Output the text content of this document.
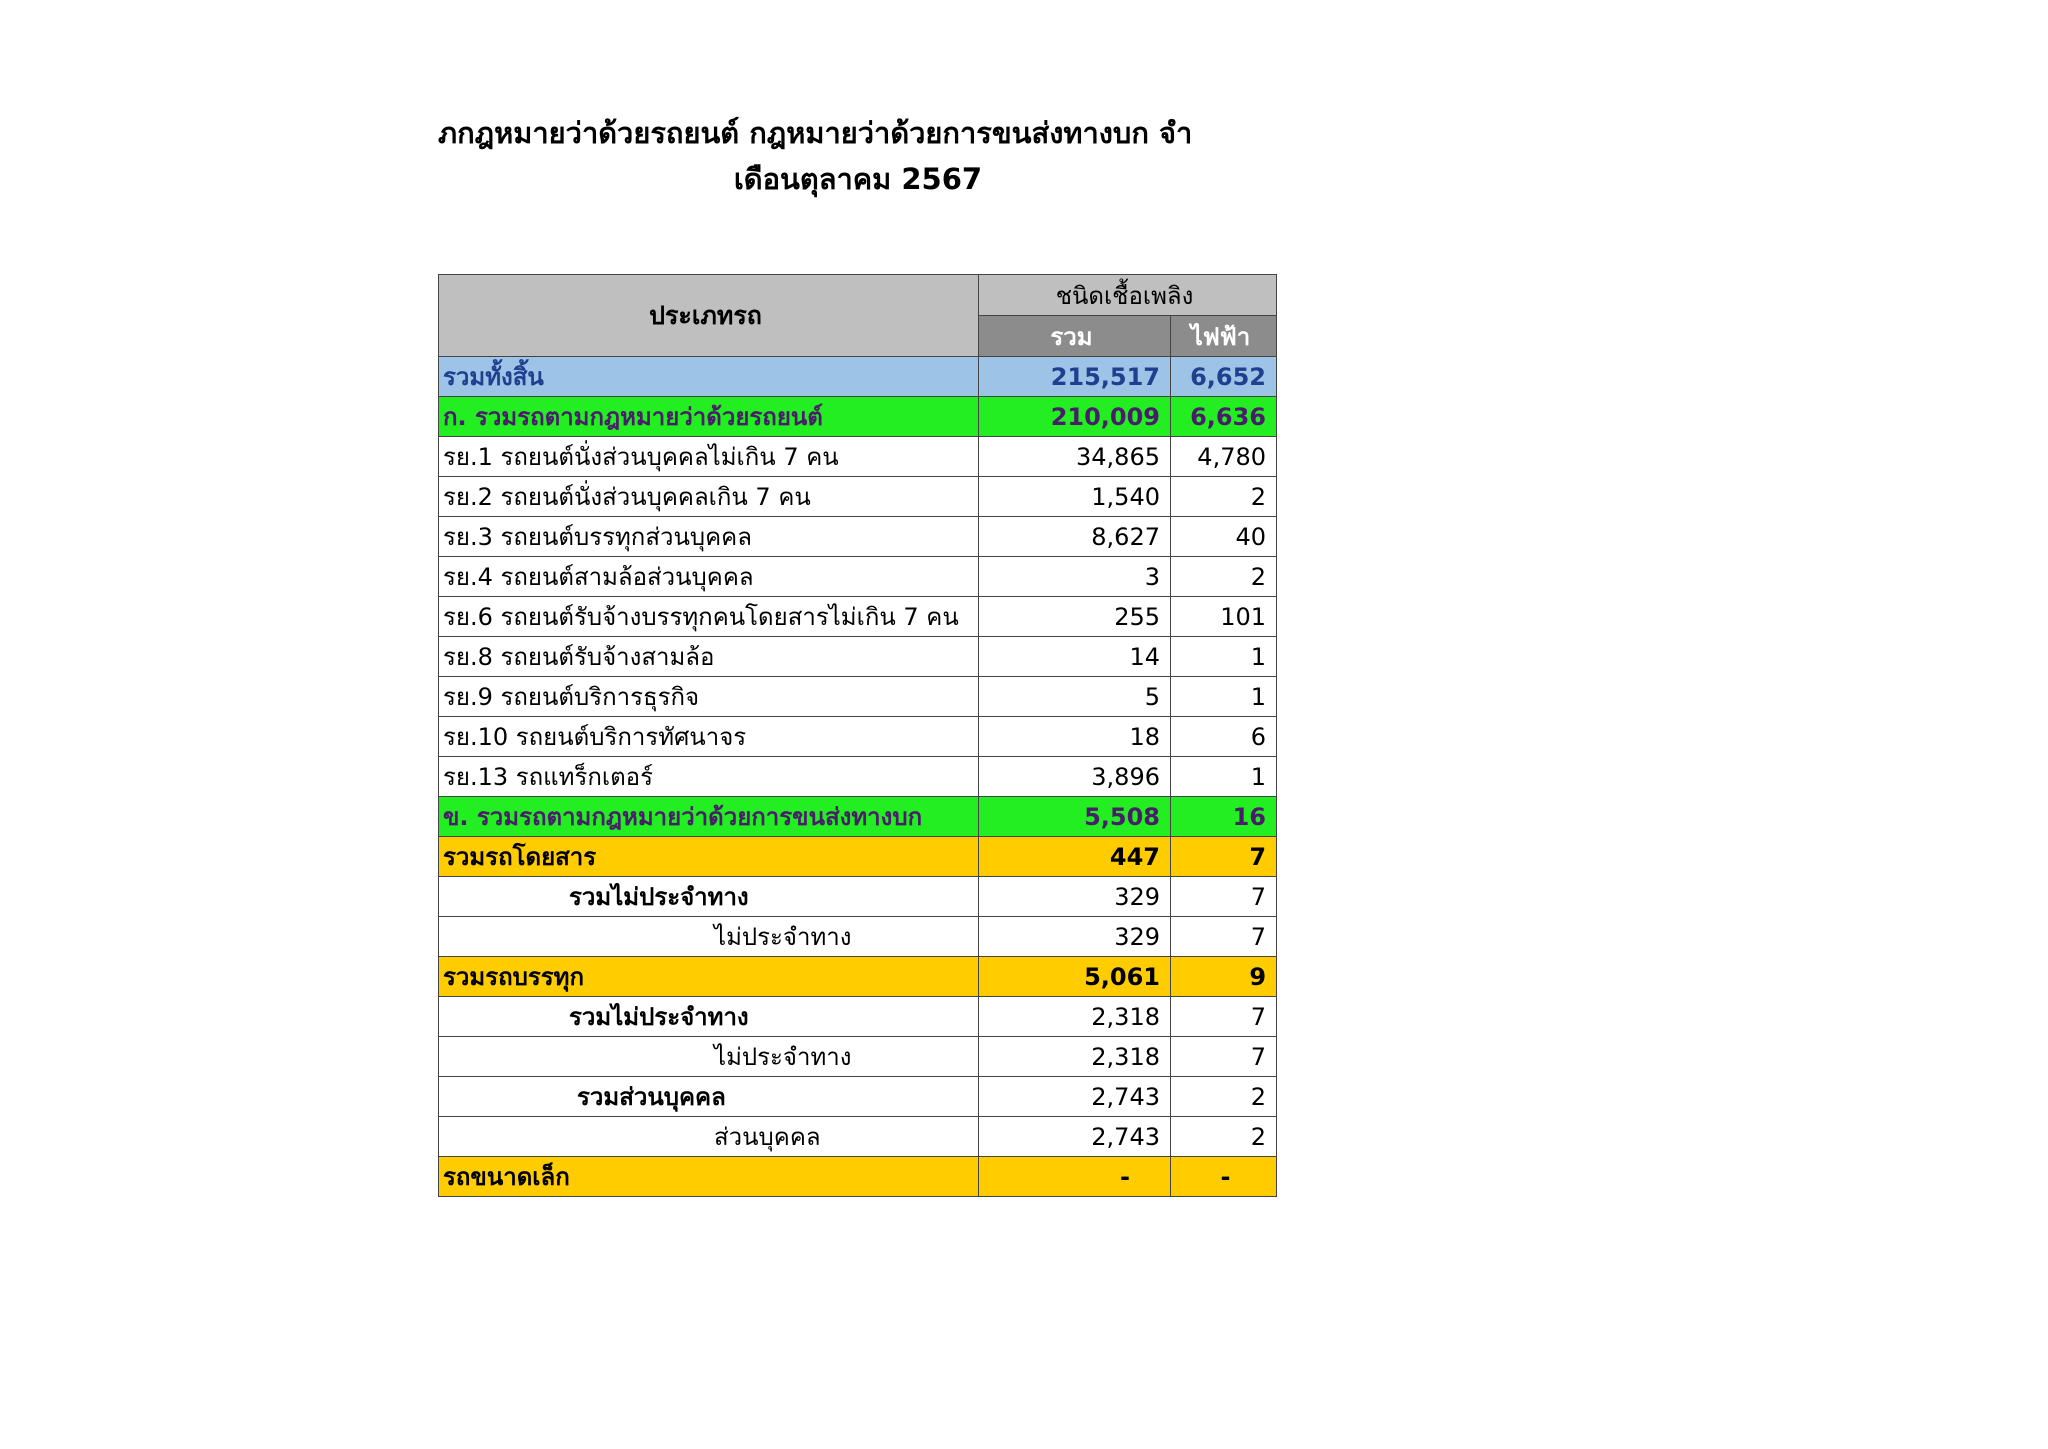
ภกฎหมายว่าด้วยรถยนต์ กฎหมายว่าด้วยการขนส่งทางบก จำ
เดือนตุลาคม 2567
ประเภทรถ	ชนิดเชื้อเพลิง	
	รวม	ไฟฟ้า
รวมทั้งสิ้น	215,517	6,652
ก. รวมรถตามกฎหมายว่าด้วยรถยนต์	210,009	6,636
รย.1 รถยนต์นั่งส่วนบุคคลไม่เกิน 7 คน	34,865	4,780
รย.2 รถยนต์นั่งส่วนบุคคลเกิน 7 คน	1,540	2
รย.3 รถยนต์บรรทุกส่วนบุคคล	8,627	40
รย.4 รถยนต์สามล้อส่วนบุคคล	3	2
รย.6 รถยนต์รับจ้างบรรทุกคนโดยสารไม่เกิน 7 คน	255	101
รย.8 รถยนต์รับจ้างสามล้อ	14	1
รย.9 รถยนต์บริการธุรกิจ	5	1
รย.10 รถยนต์บริการทัศนาจร	18	6
รย.13 รถแทร็กเตอร์	3,896	1
ข. รวมรถตามกฎหมายว่าด้วยการขนส่งทางบก	5,508	16
รวมรถโดยสาร	447	7
รวมไม่ประจำทาง	329	7
ไม่ประจำทาง	329	7
รวมรถบรรทุก	5,061	9
รวมไม่ประจำทาง	2,318	7
ไม่ประจำทาง	2,318	7
รวมส่วนบุคคล	2,743	2
ส่วนบุคคล	2,743	2
รถขนาดเล็ก	-	-
